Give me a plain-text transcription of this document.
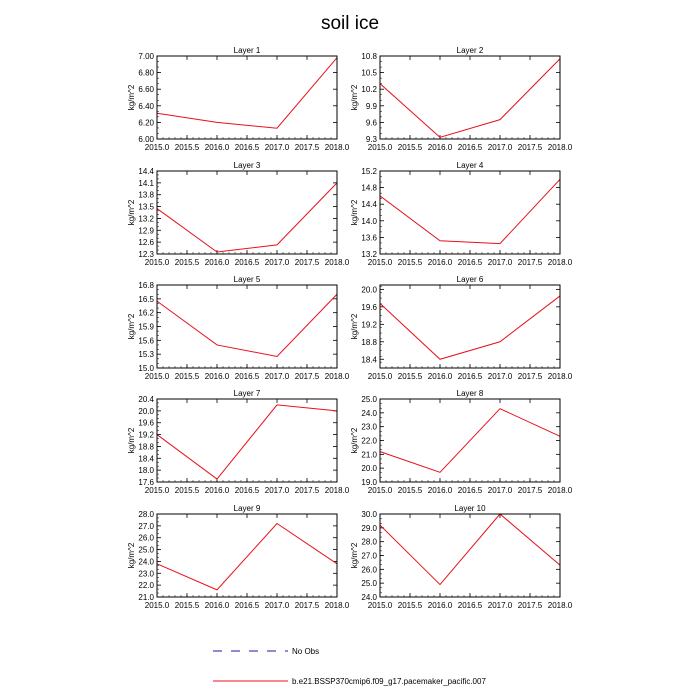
soil ice
Layer 1
kg/m^2
2015.0 2015.5 2016.0 2016.5 2017.0 2017.5 2018.0
6.00
6.20
6.40
6.60
6.80
7.00
Layer 2
kg/m^2
2015.0 2015.5 2016.0 2016.5 2017.0 2017.5 2018.0
9.3
9.6
9.9
10.2
10.5
10.8
Layer 3
kg/m^2
2015.0 2015.5 2016.0 2016.5 2017.0 2017.5 2018.0
12.3
12.6
12.9
13.2
13.5
13.8
14.1
14.4
Layer 4
kg/m^2
2015.0 2015.5 2016.0 2016.5 2017.0 2017.5 2018.0
13.2
13.6
14.0
14.4
14.8
15.2
Layer 5
kg/m^2
2015.0 2015.5 2016.0 2016.5 2017.0 2017.5 2018.0
15.0
15.3
15.6
15.9
16.2
16.5
16.8
Layer 6
kg/m^2
2015.0 2015.5 2016.0 2016.5 2017.0 2017.5 2018.0
18.4
18.8
19.2
19.6
20.0
Layer 7
kg/m^2
2015.0 2015.5 2016.0 2016.5 2017.0 2017.5 2018.0
17.6
18.0
18.4
18.8
19.2
19.6
20.0
20.4
Layer 8
kg/m^2
2015.0 2015.5 2016.0 2016.5 2017.0 2017.5 2018.0
19.0
20.0
21.0
22.0
23.0
24.0
25.0
Layer 9
kg/m^2
2015.0 2015.5 2016.0 2016.5 2017.0 2017.5 2018.0
21.0
22.0
23.0
24.0
25.0
26.0
27.0
28.0
Layer 10
kg/m^2
2015.0 2015.5 2016.0 2016.5 2017.0 2017.5 2018.0
24.0
25.0
26.0
27.0
28.0
29.0
30.0
No Obs
b.e21.BSSP370cmip6.f09_g17.pacemaker_pacific.007
